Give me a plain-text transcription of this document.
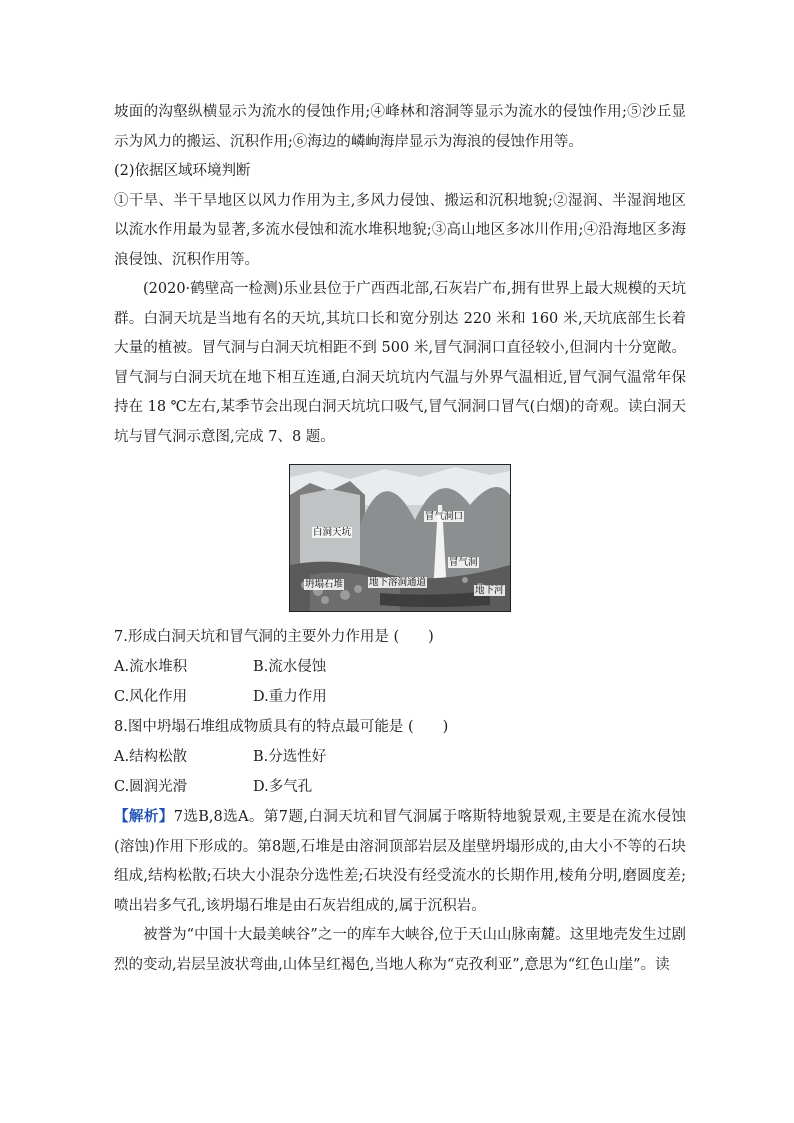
坡面的沟壑纵横显示为流水的侵蚀作用;④峰林和溶洞等显示为流水的侵蚀作用;⑤沙丘显示为风力的搬运、沉积作用;⑥海边的嶙峋海岸显示为海浪的侵蚀作用等。

(2)依据区域环境判断

①干旱、半干旱地区以风力作用为主,多风力侵蚀、搬运和沉积地貌;②湿润、半湿润地区以流水作用最为显著,多流水侵蚀和流水堆积地貌;③高山地区多冰川作用;④沿海地区多海浪侵蚀、沉积作用等。

(2020·鹤壁高一检测)乐业县位于广西西北部,石灰岩广布,拥有世界上最大规模的天坑群。白洞天坑是当地有名的天坑,其坑口长和宽分别达 220 米和 160 米,天坑底部生长着大量的植被。冒气洞与白洞天坑相距不到 500 米,冒气洞洞口直径较小,但洞内十分宽敞。冒气洞与白洞天坑在地下相互连通,白洞天坑坑内气温与外界气温相近,冒气洞气温常年保持在 18 ℃左右,某季节会出现白洞天坑坑口吸气,冒气洞洞口冒气(白烟)的奇观。读白洞天坑与冒气洞示意图,完成 7、8 题。

白洞天坑
冒气洞口
冒气洞
坍塌石堆	地下溶洞通道
地下河

7.形成白洞天坑和冒气洞的主要外力作用是 (　　)

A.流水堆积	B.流水侵蚀
C.风化作用	D.重力作用

8.图中坍塌石堆组成物质具有的特点最可能是 (　　)

A.结构松散	B.分选性好
C.圆润光滑	D.多气孔

【解析】7选B,8选A。第7题,白洞天坑和冒气洞属于喀斯特地貌景观,主要是在流水侵蚀(溶蚀)作用下形成的。第8题,石堆是由溶洞顶部岩层及崖壁坍塌形成的,由大小不等的石块组成,结构松散;石块大小混杂分选性差;石块没有经受流水的长期作用,棱角分明,磨圆度差;喷出岩多气孔,该坍塌石堆是由石灰岩组成的,属于沉积岩。

被誉为“中国十大最美峡谷”之一的库车大峡谷,位于天山山脉南麓。这里地壳发生过剧烈的变动,岩层呈波状弯曲,山体呈红褐色,当地人称为“克孜利亚”,意思为“红色山崖”。读
